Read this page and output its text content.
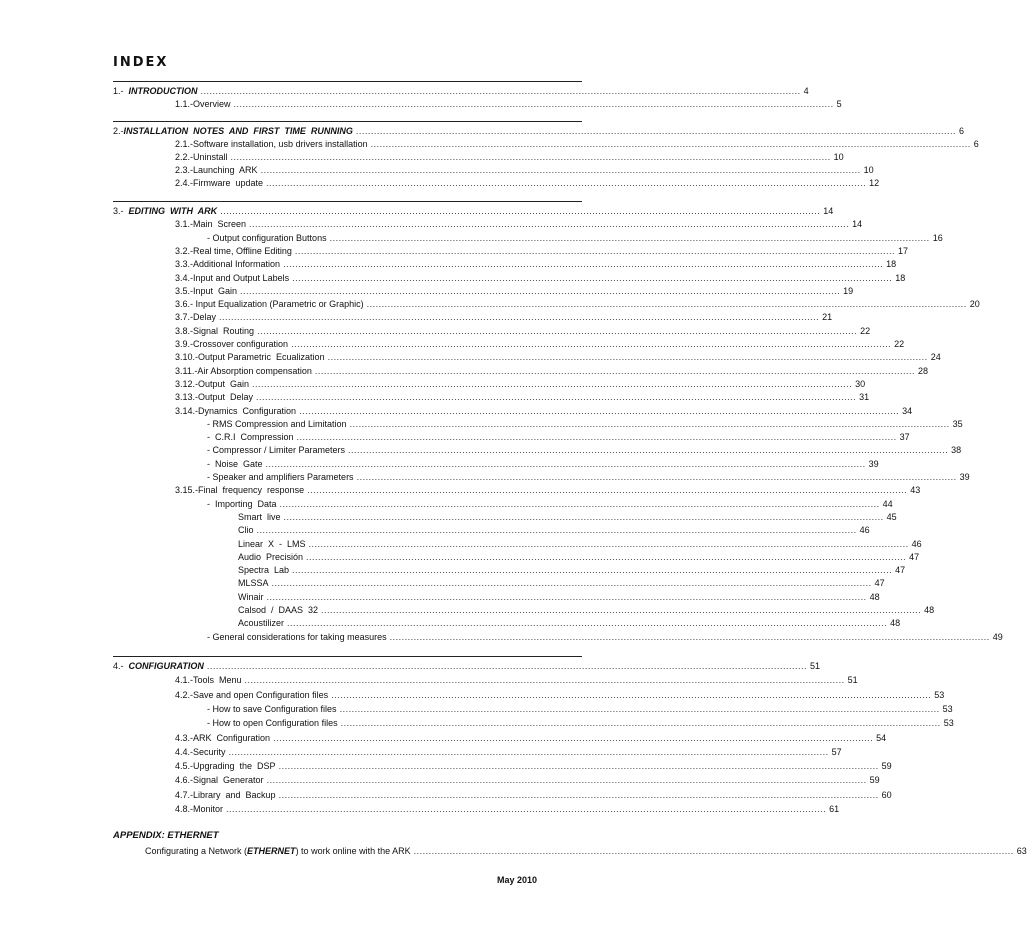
INDEX
1.-  INTRODUCTION ........................................................................................................................................................................................................ 4
1.1.-Overview ........................................................................................................................................................................................................ 5
2.-INSTALLATION  NOTES  AND  FIRST  TIME  RUNNING ........................................................................................................................................................................................................ 6
2.1.-Software installation, usb drivers installation ........................................................................................................................................................................................................ 6
2.2.-Uninstall ........................................................................................................................................................................................................ 10
2.3.-Launching  ARK ........................................................................................................................................................................................................ 10
2.4.-Firmware  update ........................................................................................................................................................................................................ 12
3.-  EDITING  WITH  ARK ........................................................................................................................................................................................................ 14
3.1.-Main  Screen ........................................................................................................................................................................................................ 14
- Output configuration Buttons ........................................................................................................................................................................................................ 16
3.2.-Real time, Offline Editing ........................................................................................................................................................................................................ 17
3.3.-Additional Information ........................................................................................................................................................................................................ 18
3.4.-Input and Output Labels ........................................................................................................................................................................................................ 18
3.5.-Input  Gain ........................................................................................................................................................................................................ 19
3.6.- Input Equalization (Parametric or Graphic) ........................................................................................................................................................................................................ 20
3.7.-Delay ........................................................................................................................................................................................................ 21
3.8.-Signal  Routing ........................................................................................................................................................................................................ 22
3.9.-Crossover configuration ........................................................................................................................................................................................................ 22
3.10.-Output Parametric  Ecualization ........................................................................................................................................................................................................ 24
3.11.-Air Absorption compensation ........................................................................................................................................................................................................ 28
3.12.-Output  Gain ........................................................................................................................................................................................................ 30
3.13.-Output  Delay ........................................................................................................................................................................................................ 31
3.14.-Dynamics  Configuration ........................................................................................................................................................................................................ 34
- RMS Compression and Limitation ........................................................................................................................................................................................................ 35
-  C.R.I  Compression ........................................................................................................................................................................................................ 37
- Compressor / Limiter Parameters ........................................................................................................................................................................................................ 38
-  Noise  Gate ........................................................................................................................................................................................................ 39
- Speaker and amplifiers Parameters ........................................................................................................................................................................................................ 39
3.15.-Final  frequency  response ........................................................................................................................................................................................................ 43
-  Importing  Data ........................................................................................................................................................................................................ 44
Smart  live ........................................................................................................................................................................................................ 45
Clio ........................................................................................................................................................................................................ 46
Linear  X  -  LMS ........................................................................................................................................................................................................ 46
Audio  Precisión ........................................................................................................................................................................................................ 47
Spectra  Lab ........................................................................................................................................................................................................ 47
MLSSA ........................................................................................................................................................................................................ 47
Winair ........................................................................................................................................................................................................ 48
Calsod  /  DAAS  32 ........................................................................................................................................................................................................ 48
Acoustilizer ........................................................................................................................................................................................................ 48
- General considerations for taking measures ........................................................................................................................................................................................................ 49
4.-  CONFIGURATION ........................................................................................................................................................................................................ 51
4.1.-Tools  Menu ........................................................................................................................................................................................................ 51
4.2.-Save and open Configuration files ........................................................................................................................................................................................................ 53
- How to save Configuration files ........................................................................................................................................................................................................ 53
- How to open Configuration files ........................................................................................................................................................................................................ 53
4.3.-ARK  Configuration ........................................................................................................................................................................................................ 54
4.4.-Security ........................................................................................................................................................................................................ 57
4.5.-Upgrading  the  DSP ........................................................................................................................................................................................................ 59
4.6.-Signal  Generator ........................................................................................................................................................................................................ 59
4.7.-Library  and  Backup ........................................................................................................................................................................................................ 60
4.8.-Monitor ........................................................................................................................................................................................................ 61
APPENDIX: ETHERNET
Configurating a Network (ETHERNET) to work online with the ARK ........................................................................................................................................................................................................ 63
May 2010
